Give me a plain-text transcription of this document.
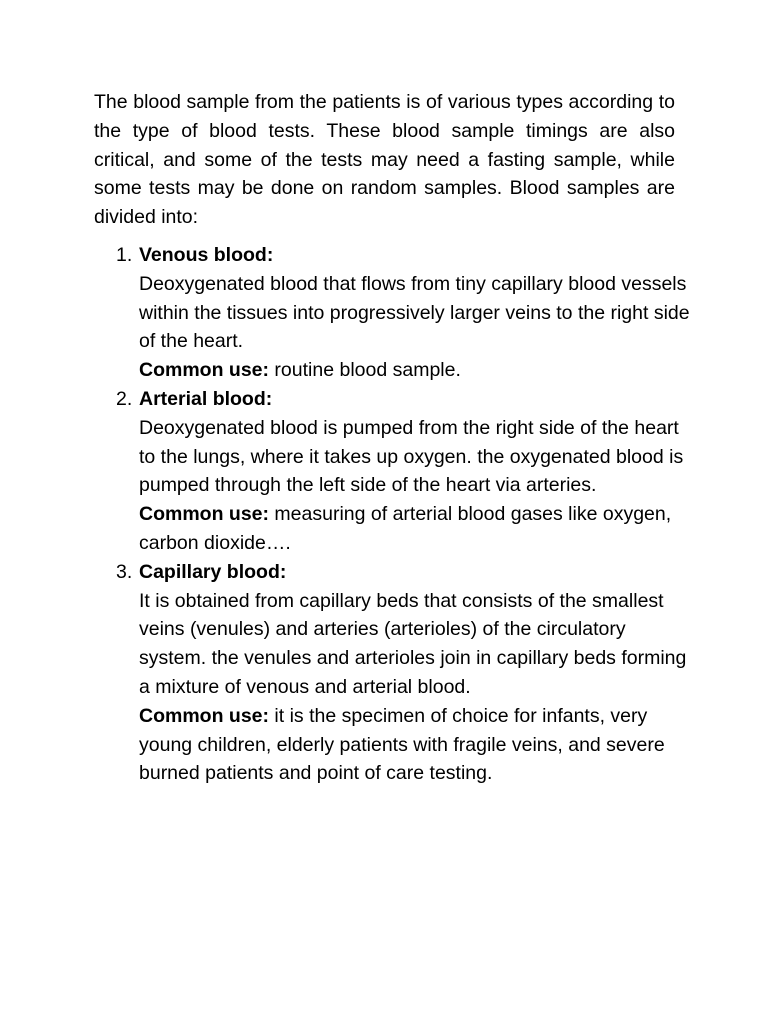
The blood sample from the patients is of various types according to the type of blood tests. These blood sample timings are also critical, and some of the tests may need a fasting sample, while some tests may be done on random samples. Blood samples are divided into:

1. Venous blood:
Deoxygenated blood that flows from tiny capillary blood vessels within the tissues into progressively larger veins to the right side of the heart.
Common use: routine blood sample.
2. Arterial blood:
Deoxygenated blood is pumped from the right side of the heart to the lungs, where it takes up oxygen. the oxygenated blood is pumped through the left side of the heart via arteries.
Common use: measuring of arterial blood gases like oxygen, carbon dioxide….
3. Capillary blood:
It is obtained from capillary beds that consists of the smallest veins (venules) and arteries (arterioles) of the circulatory system. the venules and arterioles join in capillary beds forming a mixture of venous and arterial blood.
Common use: it is the specimen of choice for infants, very young children, elderly patients with fragile veins, and severe burned patients and point of care testing.
